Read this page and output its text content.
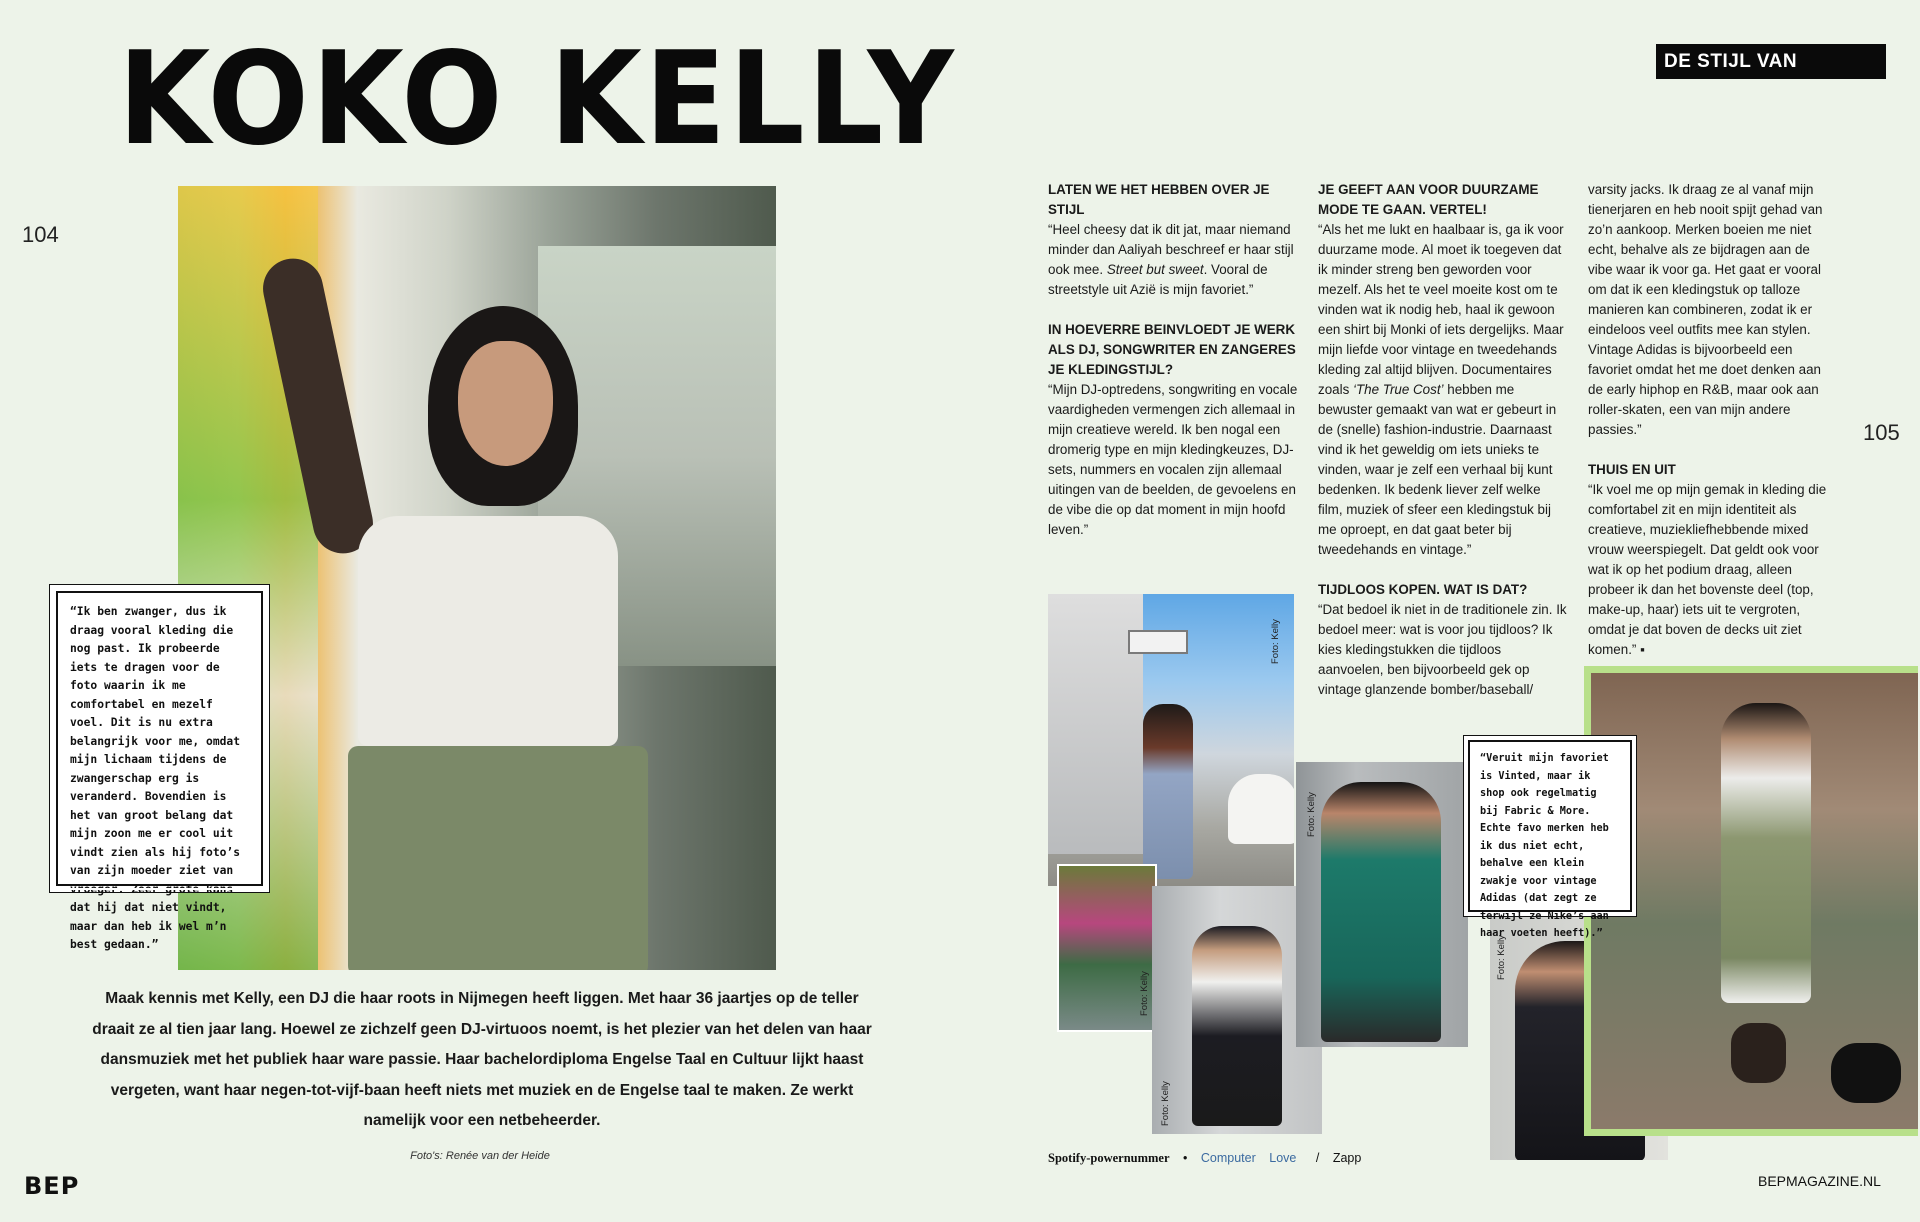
KOKO KELLY
104
105
DE STIJL VAN
“Ik ben zwanger, dus ik draag vooral kleding die nog past. Ik probeerde iets te dragen voor de foto waarin ik me comfortabel en mezelf voel. Dit is nu extra belangrijk voor me, omdat mijn lichaam tijdens de zwangerschap erg is veranderd. Bovendien is het van groot belang dat mijn zoon me er cool uit vindt zien als hij foto’s van zijn moeder ziet van vroeger. Zeer grote kans dat hij dat niet vindt, maar dan heb ik wel m’n best gedaan.”
Maak kennis met Kelly, een DJ die haar roots in Nijmegen heeft liggen. Met haar 36 jaartjes op de teller draait ze al tien jaar lang. Hoewel ze zichzelf geen DJ-virtuoos noemt, is het plezier van het delen van haar dansmuziek met het publiek haar ware passie. Haar bachelordiploma Engelse Taal en Cultuur lijkt haast vergeten, want haar negen-tot-vijf-baan heeft niets met muziek en de Engelse taal te maken. Ze werkt namelijk voor een netbeheerder.
Foto's: Renée van der Heide
BEP	BEPMAGAZINE.NL
LATEN WE HET HEBBEN OVER JE STIJL

“Heel cheesy dat ik dit jat, maar niemand minder dan Aaliyah beschreef er haar stijl ook mee. Street but sweet. Vooral de streetstyle uit Azië is mijn favoriet.”

IN HOEVERRE BEINVLOEDT JE WERK ALS DJ, SONGWRITER EN ZANGERES JE KLEDINGSTIJL?

“Mijn DJ-optredens, songwriting en vocale vaardigheden vermengen zich allemaal in mijn creatieve wereld. Ik ben nogal een dromerig type en mijn kledingkeuzes, DJ-sets, nummers en vocalen zijn allemaal uitingen van de beelden, de gevoelens en de vibe die op dat moment in mijn hoofd leven.”

JE GEEFT AAN VOOR DUURZAME MODE TE GAAN. VERTEL!

“Als het me lukt en haalbaar is, ga ik voor duurzame mode. Al moet ik toegeven dat ik minder streng ben geworden voor mezelf. Als het te veel moeite kost om te vinden wat ik nodig heb, haal ik gewoon een shirt bij Monki of iets dergelijks. Maar mijn liefde voor vintage en tweedehands kleding zal altijd blijven. Documentaires zoals ‘The True Cost’ hebben me bewuster gemaakt van wat er gebeurt in de (snelle) fashion-industrie. Daarnaast vind ik het geweldig om iets unieks te vinden, waar je zelf een verhaal bij kunt bedenken. Ik bedenk liever zelf welke film, muziek of sfeer een kledingstuk bij me oproept, en dat gaat beter bij tweedehands en vintage.”

TIJDLOOS KOPEN. WAT IS DAT?

“Dat bedoel ik niet in de traditionele zin. Ik bedoel meer: wat is voor jou tijdloos? Ik kies kledingstukken die tijdloos aanvoelen, ben bijvoorbeeld gek op vintage glanzende bomber/baseball/

varsity jacks. Ik draag ze al vanaf mijn tienerjaren en heb nooit spijt gehad van zo’n aankoop. Merken boeien me niet echt, behalve als ze bijdragen aan de vibe waar ik voor ga. Het gaat er vooral om dat ik een kledingstuk op talloze manieren kan combineren, zodat ik er eindeloos veel outfits mee kan stylen. Vintage Adidas is bijvoorbeeld een favoriet omdat het me doet denken aan de early hiphop en R&B, maar ook aan roller-skaten, een van mijn andere passies.”

THUIS EN UIT

“Ik voel me op mijn gemak in kleding die comfortabel zit en mijn identiteit als creatieve, muziekliefhebbende mixed vrouw weerspiegelt. Dat geldt ook voor wat ik op het podium draag, alleen probeer ik dan het bovenste deel (top, make-up, haar) iets uit te vergroten, omdat je dat boven de decks uit ziet komen.” ▪

Foto: Kelly
Foto: Kelly
Foto: Kelly
Foto: Kelly
Foto: Kelly
“Veruit mijn favoriet is Vinted, maar ik shop ook regelmatig bij Fabric & More. Echte favo merken heb ik dus niet echt, behalve een klein zwakje voor vintage Adidas (dat zegt ze terwijl ze Nike’s aan haar voeten heeft).”
Spotify-powernummer • Computer Love / Zapp
